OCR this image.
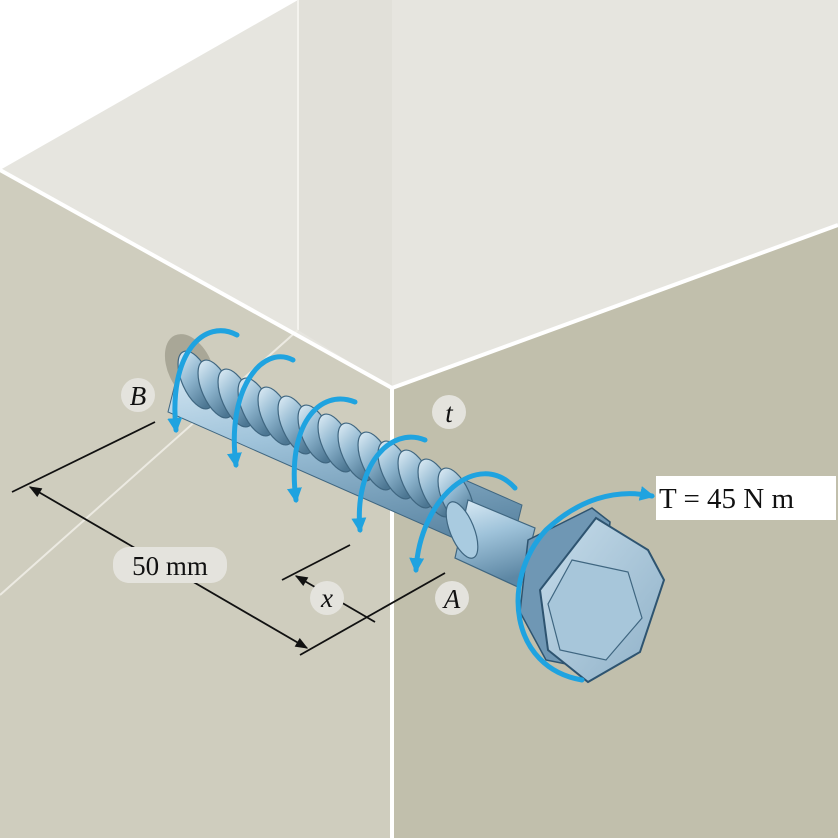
B
t
x	A
50 mm
T = 45 N m
